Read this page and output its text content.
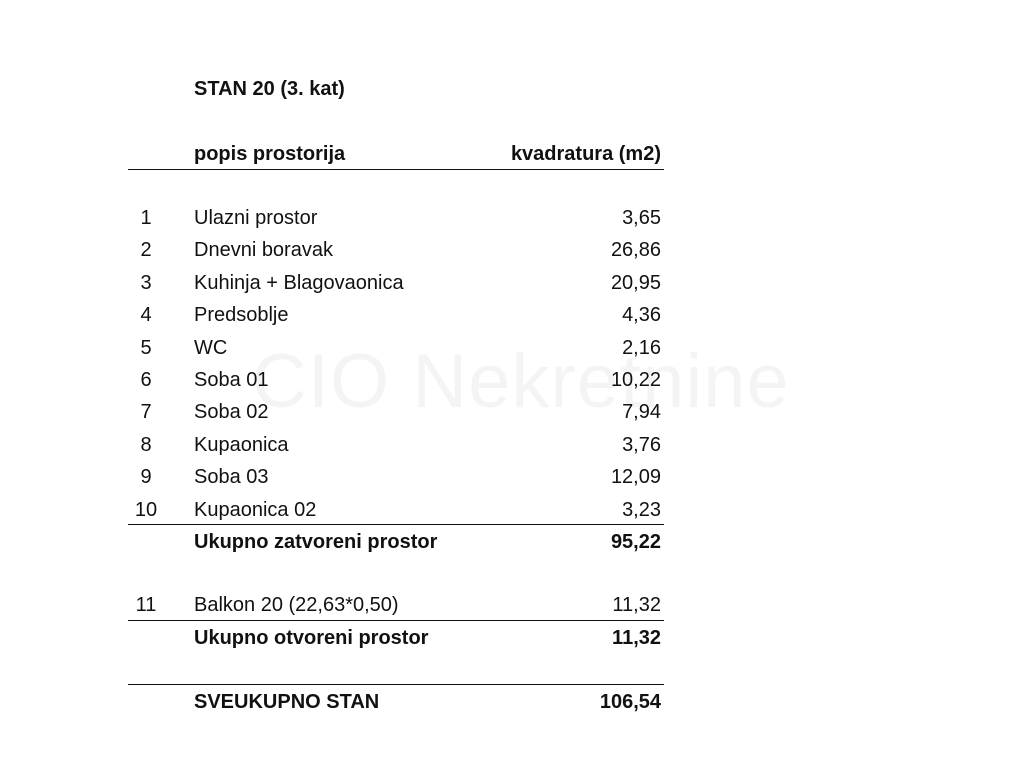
STAN 20 (3. kat)
popis prostorija	kvadratura (m2)
1	Ulazni prostor	3,65
2	Dnevni boravak	26,86
3	Kuhinja + Blagovaonica	20,95
4	Predsoblje	4,36
5	WC	2,16
6	Soba 01	10,22
7	Soba 02	7,94
8	Kupaonica	3,76
9	Soba 03	12,09
10	Kupaonica 02	3,23
Ukupno zatvoreni prostor	95,22
11	Balkon 20 (22,63*0,50)	11,32
Ukupno otvoreni prostor	11,32
SVEUKUPNO STAN	106,54
